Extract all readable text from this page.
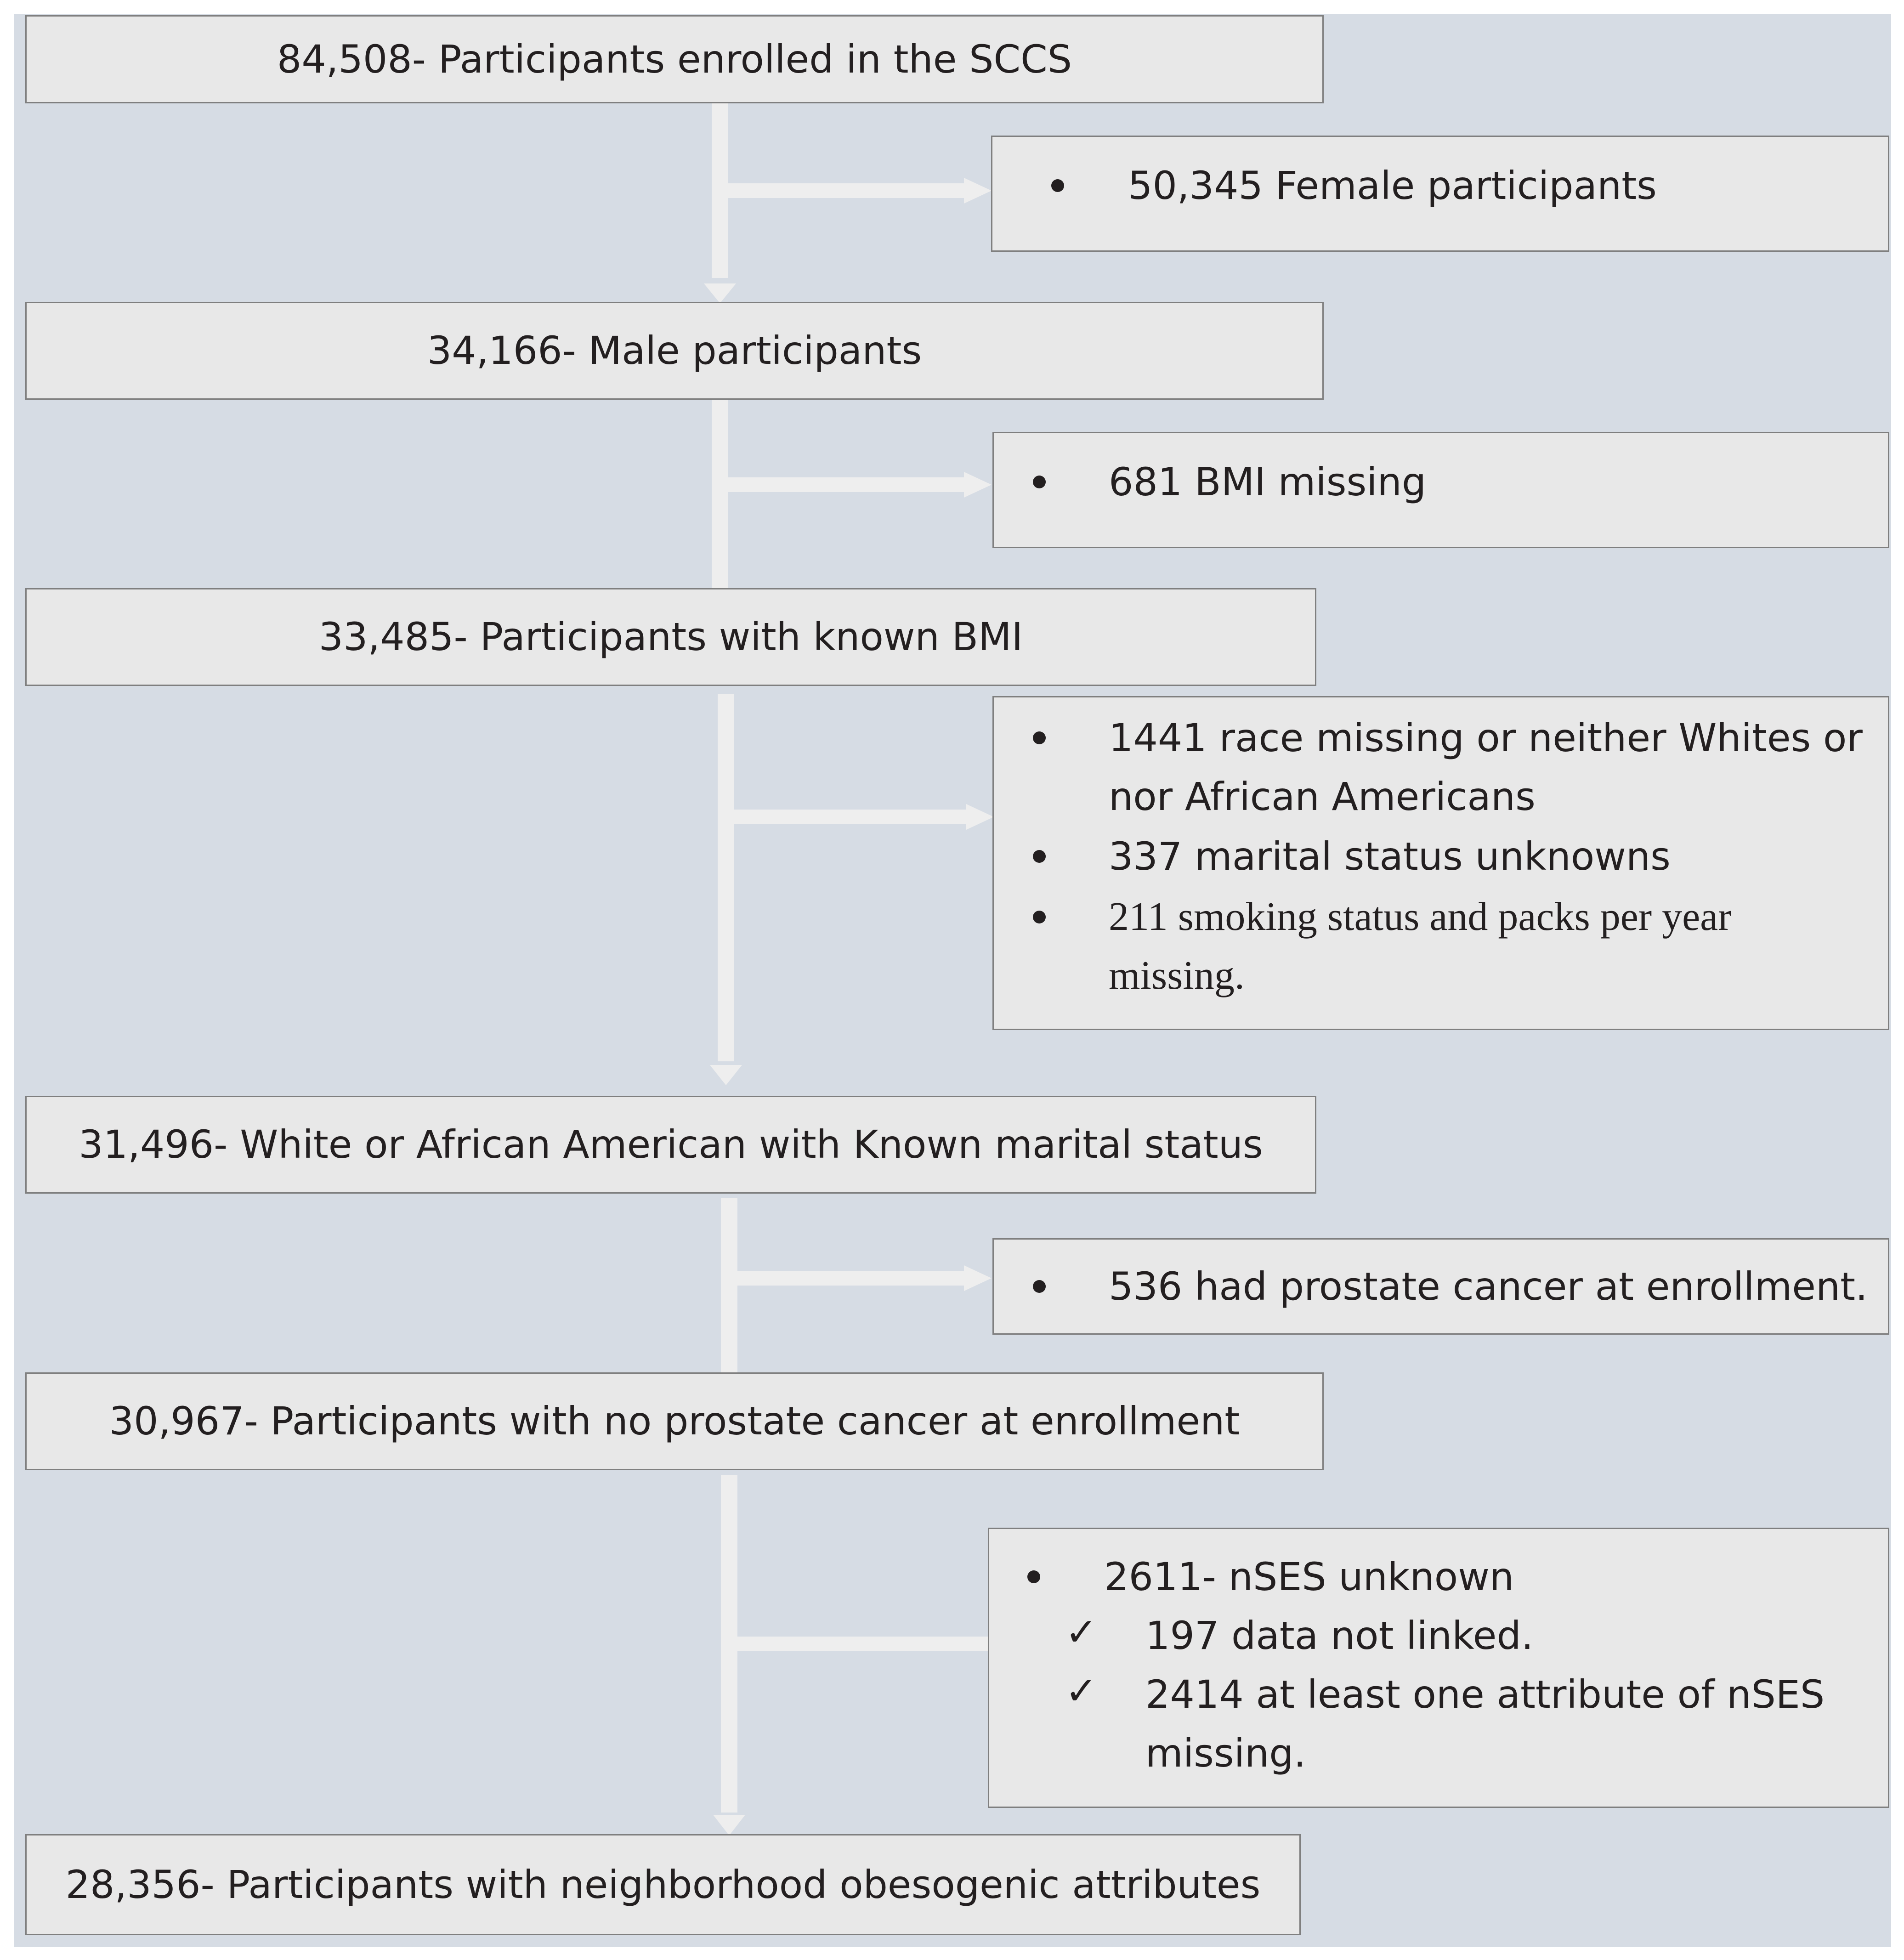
84,508- Participants enrolled in the SCCS
34,166- Male participants
33,485- Participants with known BMI
31,496- White or African American with Known marital status
30,967- Participants with no prostate cancer at enrollment
28,356- Participants with neighborhood obesogenic attributes
50,345 Female participants
681 BMI missing
1441 race missing or neither Whites or nor African Americans
337 marital status unknowns
211 smoking status and packs per year missing.
536 had prostate cancer at enrollment.
2611- nSES unknown
✓ 197 data not linked.
✓ 2414 at least one attribute of nSES missing.
